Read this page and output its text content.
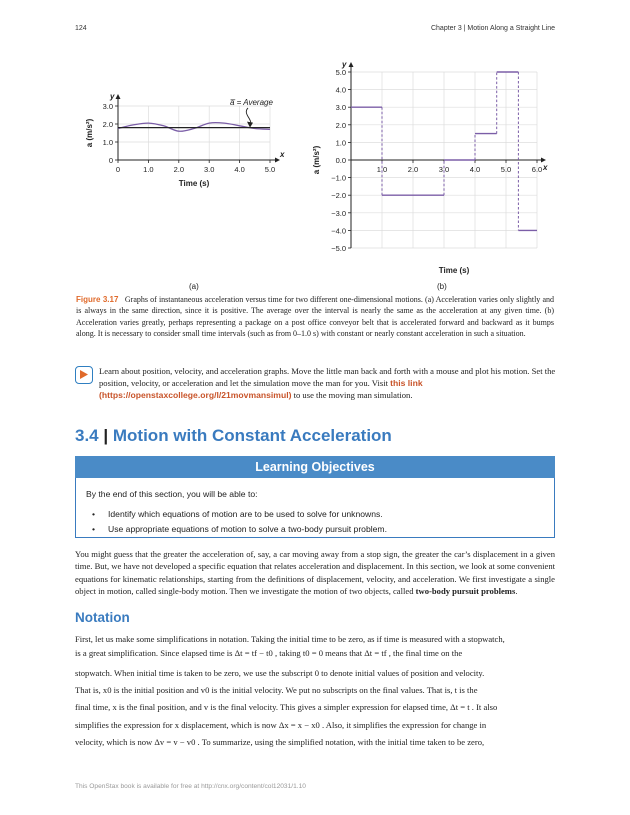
124	Chapter 3 | Motion Along a Straight Line
x
y
0	1.0	2.0	3.0	4.0	5.0
0
1.0
2.0
3.0
Time (s)
a (m/s²)
a̅ = Average
x
y
1.0	2.0	3.0	4.0	5.0	6.0
5.0
4.0
3.0
2.0
1.0
0.0
−1.0
−2.0
−3.0
−4.0
−5.0
Time (s)
a (m/s²)
(a)	(b)
Figure 3.17 Graphs of instantaneous acceleration versus time for two different one-dimensional motions. (a) Acceleration varies only slightly and is always in the same direction, since it is positive. The average over the interval is nearly the same as the acceleration at any given time. (b) Acceleration varies greatly, perhaps representing a package on a post office conveyor belt that is accelerated forward and backward as it bumps along. It is necessary to consider small time intervals (such as from 0–1.0 s) with constant or nearly constant acceleration in such a situation.
Learn about position, velocity, and acceleration graphs. Move the little man back and forth with a mouse and plot his motion. Set the position, velocity, or acceleration and let the simulation move the man for you. Visit this link (https://openstaxcollege.org/l/21movmansimul) to use the moving man simulation.
3.4 | Motion with Constant Acceleration
Learning Objectives
By the end of this section, you will be able to:
• Identify which equations of motion are to be used to solve for unknowns.
• Use appropriate equations of motion to solve a two-body pursuit problem.
You might guess that the greater the acceleration of, say, a car moving away from a stop sign, the greater the car’s displacement in a given time. But, we have not developed a specific equation that relates acceleration and displacement. In this section, we look at some convenient equations for kinematic relationships, starting from the definitions of displacement, velocity, and acceleration. We first investigate a single object in motion, called single-body motion. Then we investigate the motion of two objects, called two-body pursuit problems.
Notation
First, let us make some simplifications in notation. Taking the initial time to be zero, as if time is measured with a stopwatch,
is a great simplification. Since elapsed time is Δt = tf − t0 , taking t0 = 0 means that Δt = tf , the final time on the
stopwatch. When initial time is taken to be zero, we use the subscript 0 to denote initial values of position and velocity.
That is, x0 is the initial position and v0 is the initial velocity. We put no subscripts on the final values. That is, t is the
final time, x is the final position, and v is the final velocity. This gives a simpler expression for elapsed time, Δt = t . It also
simplifies the expression for x displacement, which is now Δx = x − x0 . Also, it simplifies the expression for change in
velocity, which is now Δv = v − v0 . To summarize, using the simplified notation, with the initial time taken to be zero,
This OpenStax book is available for free at http://cnx.org/content/col12031/1.10
